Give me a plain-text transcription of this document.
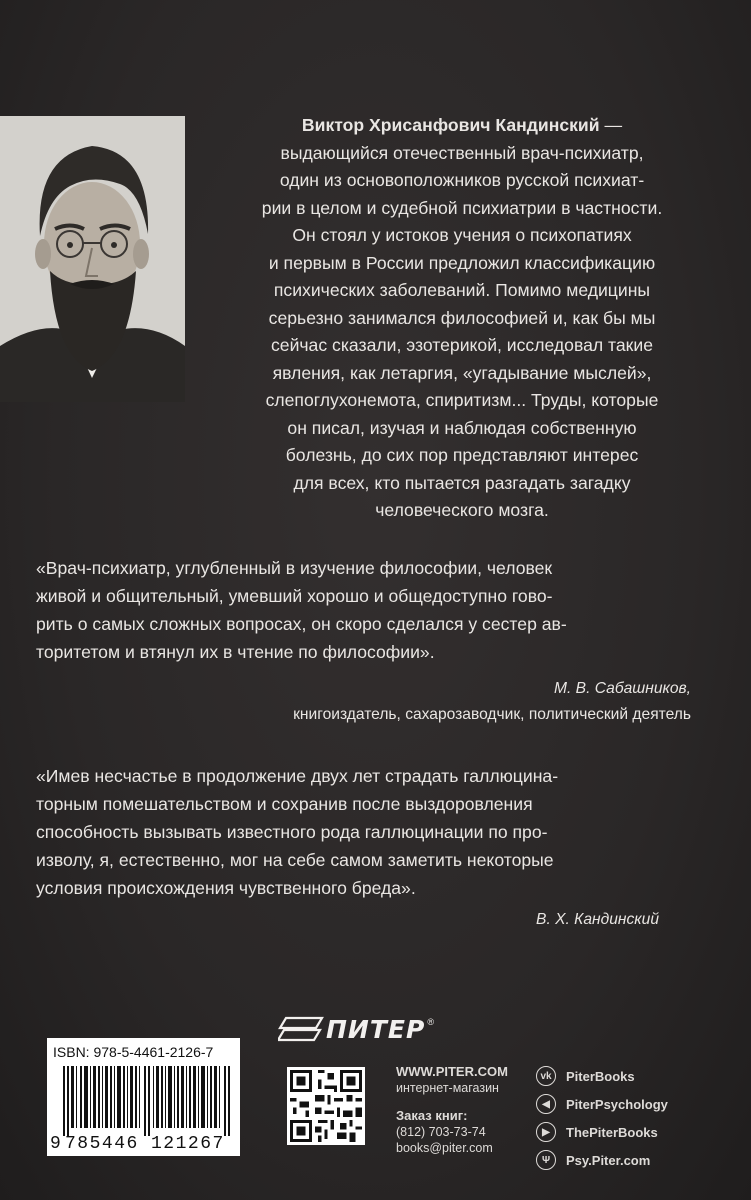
Виктор Хрисанфович Кандинский —

выдающийся отечественный врач-психиатр,

один из основоположников русской психиат-

рии в целом и судебной психиатрии в частности.

Он стоял у истоков учения о психопатиях

и первым в России предложил классификацию

психических заболеваний. Помимо медицины

серьезно занимался философией и, как бы мы

сейчас сказали, эзотерикой, исследовал такие

явления, как летаргия, «угадывание мыслей»,

слепоглухонемота, спиритизм... Труды, которые

он писал, изучая и наблюдая собственную

болезнь, до сих пор представляют интерес

для всех, кто пытается разгадать загадку

человеческого мозга.

«Врач-психиатр, углубленный в изучение философии, человек
живой и общительный, умевший хорошо и общедоступно гово-
рить о самых сложных вопросах, он скоро сделался у сестер ав-
торитетом и втянул их в чтение по философии».
М. В. Сабашников,
книгоиздатель, сахарозаводчик, политический деятель
«Имев несчастье в продолжение двух лет страдать галлюцина-
торным помешательством и сохранив после выздоровления
способность вызывать известного рода галлюцинации по про-
изволу, я, естественно, мог на себе самом заметить некоторые
условия происхождения чувственного бреда».
В. Х. Кандинский
ПИТЕР ®
ISBN: 978-5-4461-2126-7
9 785446 121267
WWW.PITER.COM
интернет-магазин
Заказ книг:
(812) 703-73-74
books@piter.com
vk	PiterBooks
◀	PiterPsychology
▶	ThePiterBooks
Ψ	Psy.Piter.com
